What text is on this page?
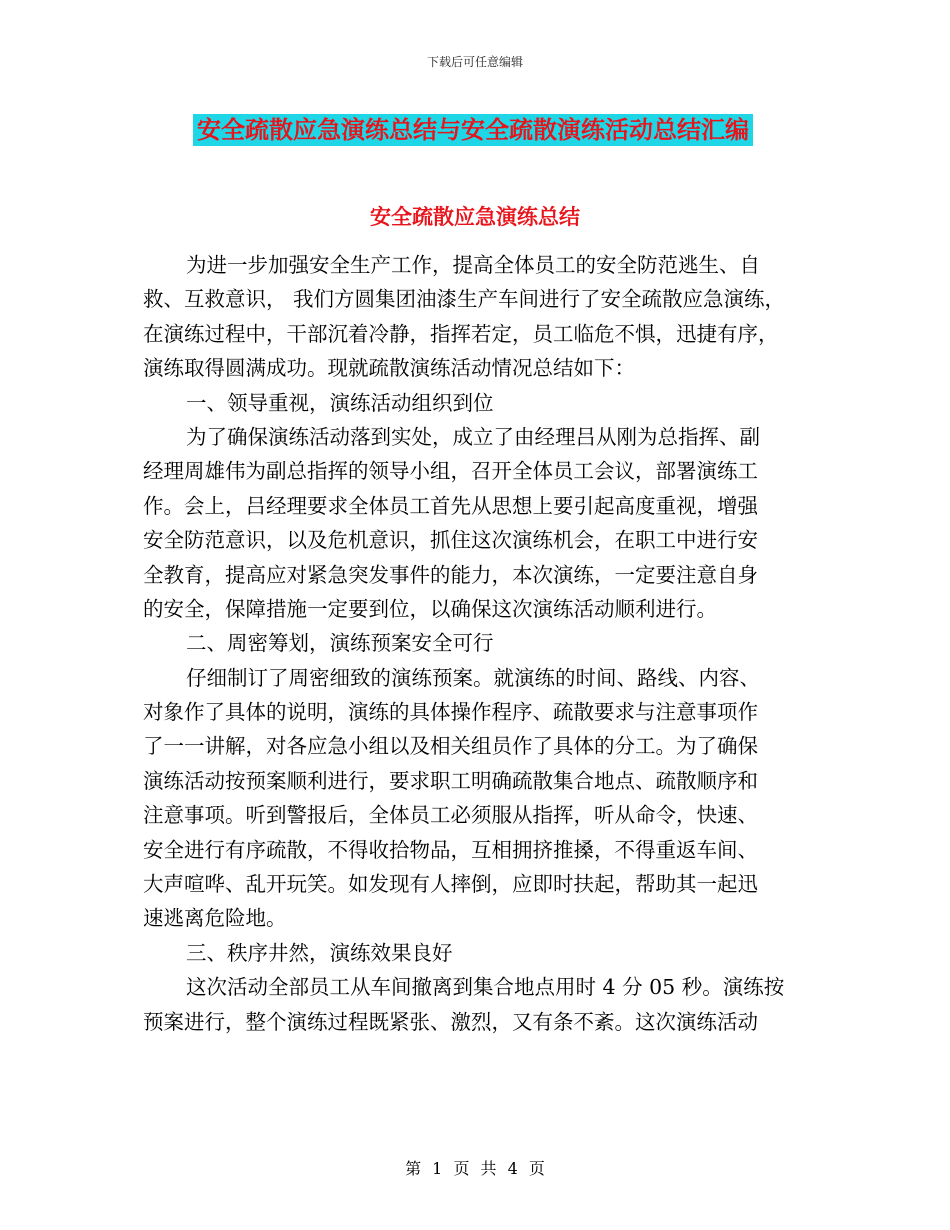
下载后可任意编辑
安全疏散应急演练总结与安全疏散演练活动总结汇编
安全疏散应急演练总结
为进一步加强安全生产工作，提高全体员工的安全防范逃生、自
救、互救意识， 我们方圆集团油漆生产车间进行了安全疏散应急演练，
在演练过程中，干部沉着冷静，指挥若定，员工临危不惧，迅捷有序，
演练取得圆满成功。现就疏散演练活动情况总结如下：
一、领导重视，演练活动组织到位
为了确保演练活动落到实处，成立了由经理吕从刚为总指挥、副
经理周雄伟为副总指挥的领导小组，召开全体员工会议，部署演练工
作。会上，吕经理要求全体员工首先从思想上要引起高度重视，增强
安全防范意识，以及危机意识，抓住这次演练机会，在职工中进行安
全教育，提高应对紧急突发事件的能力，本次演练，一定要注意自身
的安全，保障措施一定要到位，以确保这次演练活动顺利进行。
二、周密筹划，演练预案安全可行
仔细制订了周密细致的演练预案。就演练的时间、路线、内容、
对象作了具体的说明，演练的具体操作程序、疏散要求与注意事项作
了一一讲解，对各应急小组以及相关组员作了具体的分工。为了确保
演练活动按预案顺利进行，要求职工明确疏散集合地点、疏散顺序和
注意事项。听到警报后，全体员工必须服从指挥，听从命令，快速、
安全进行有序疏散，不得收拾物品，互相拥挤推搡，不得重返车间、
大声喧哗、乱开玩笑。如发现有人摔倒，应即时扶起，帮助其一起迅
速逃离危险地。
三、秩序井然，演练效果良好
这次活动全部员工从车间撤离到集合地点用时 4 分 05 秒。演练按
预案进行，整个演练过程既紧张、激烈，又有条不紊。这次演练活动
第 1 页 共 4 页
